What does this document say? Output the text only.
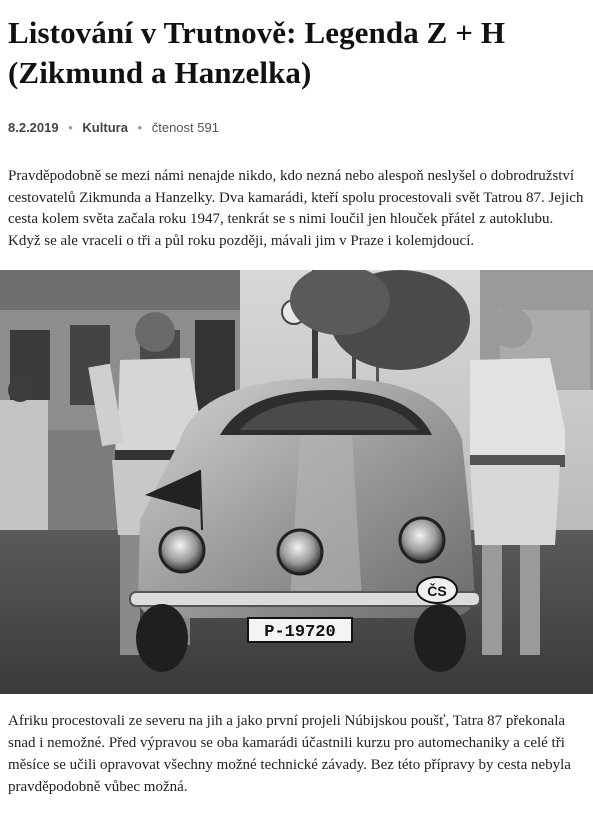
Listování v Trutnově: Legenda Z + H (Zikmund a Hanzelka)
8.2.2019 • Kultura • čtenost 591

Pravděpodobně se mezi námi nenajde nikdo, kdo nezná nebo alespoň neslyšel o dobrodružství cestovatelů Zikmunda a Hanzelky. Dva kamarádi, kteří spolu procestovali svět Tatrou 87. Jejich cesta kolem světa začala roku 1947, tenkrát se s nimi loučil jen hlouček přátel z autoklubu. Když se ale vraceli o tři a půl roku později, mávali jim v Praze i kolemjdoucí.

P-19720
ČS

Afriku procestovali ze severu na jih a jako první projeli Núbijskou poušť, Tatra 87 překonala snad i nemožné. Před výpravou se oba kamarádi účastnili kurzu pro automechaniky a celé tři měsíce se učili opravovat všechny možné technické závady. Bez této přípravy by cesta nebyla pravděpodobně vůbec možná.
